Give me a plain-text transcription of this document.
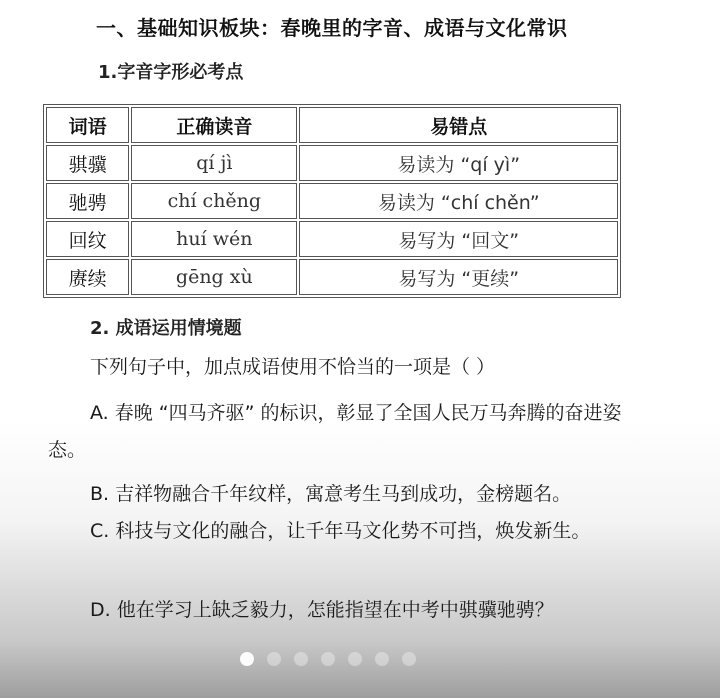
一、基础知识板块：春晚里的字音、成语与文化常识
1.字音字形必考点
词语	正确读音	易错点
骐骥	qí jì	易读为 “qí yì”
驰骋	chí chěng	易读为 “chí chěn”
回纹	huí wén	易写为 “回文”
赓续	gēng xù	易写为 “更续”
2. 成语运用情境题
下列句子中，加点成语使用不恰当的一项是（ ）
A. 春晚 “四马齐驱” 的标识，彰显了全国人民万马奔腾的奋进姿态。
B. 吉祥物融合千年纹样，寓意考生马到成功，金榜题名。
C. 科技与文化的融合，让千年马文化势不可挡，焕发新生。
D. 他在学习上缺乏毅力，怎能指望在中考中骐骥驰骋？
